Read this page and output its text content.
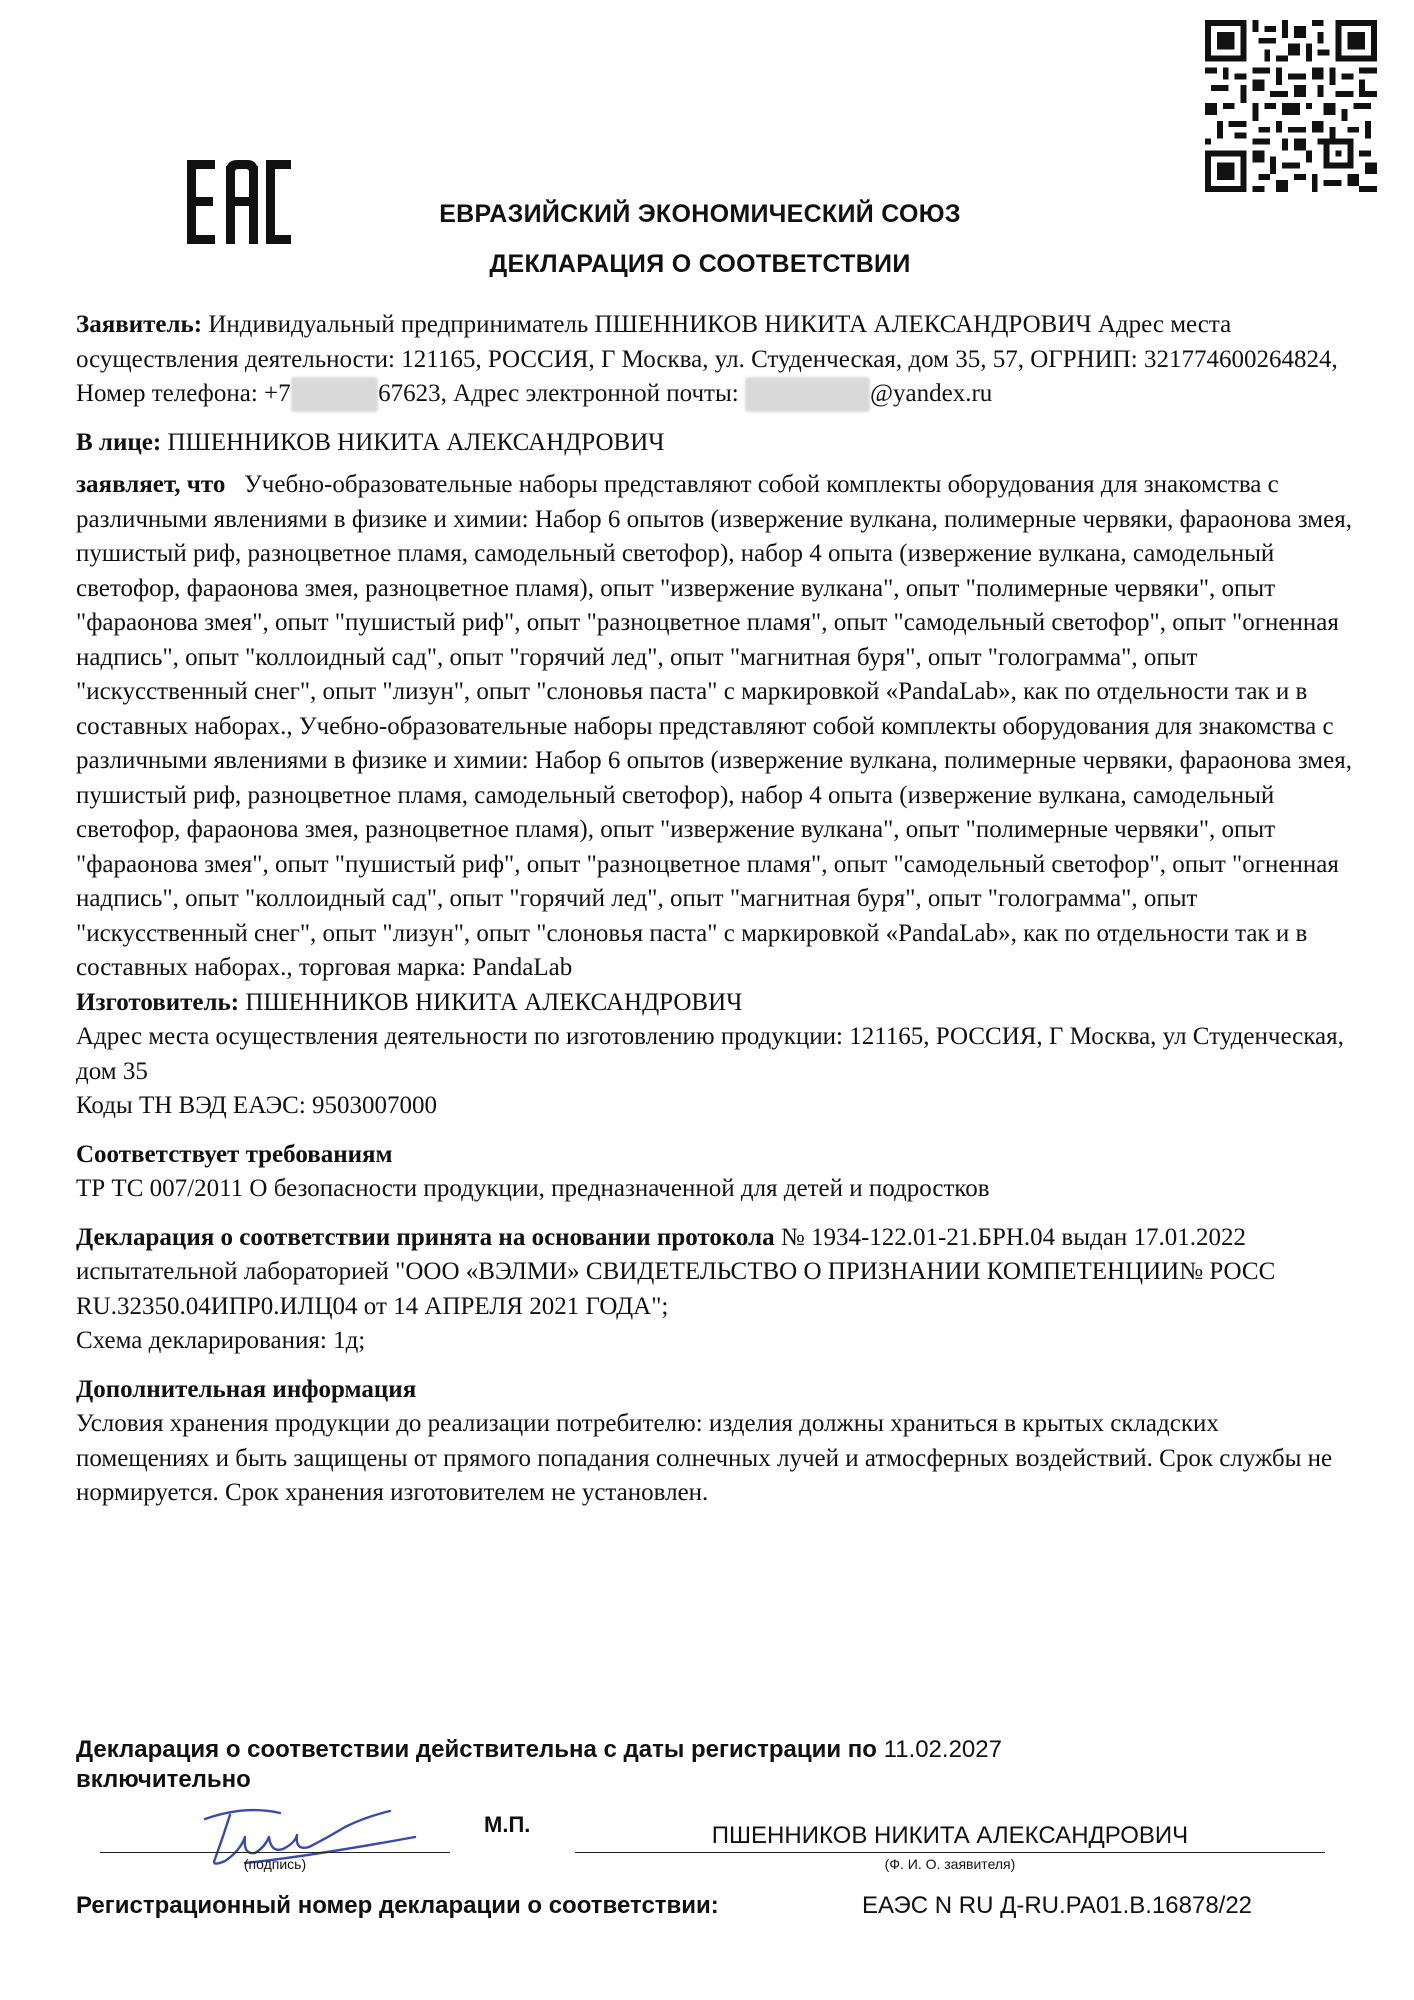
ЕВРАЗИЙСКИЙ ЭКОНОМИЧЕСКИЙ СОЮЗ
ДЕКЛАРАЦИЯ О СООТВЕТСТВИИ

Заявитель: Индивидуальный предприниматель ПШЕННИКОВ НИКИТА АЛЕКСАНДРОВИЧ Адрес места осуществления деятельности: 121165, РОССИЯ, Г Москва, ул. Студенческая, дом 35, 57, ОГРНИП: 321774600264824, Номер телефона: +7	67623, Адрес электронной почты:	@yandex.ru

В лице: ПШЕННИКОВ НИКИТА АЛЕКСАНДРОВИЧ

заявляет, что Учебно-образовательные наборы представляют собой комплекты оборудования для знакомства с различными явлениями в физике и химии: Набор 6 опытов (извержение вулкана, полимерные червяки, фараонова змея, пушистый риф, разноцветное пламя, самодельный светофор), набор 4 опыта (извержение вулкана, самодельный светофор, фараонова змея, разноцветное пламя), опыт "извержение вулкана", опыт "полимерные червяки", опыт "фараонова змея", опыт "пушистый риф", опыт "разноцветное пламя", опыт "самодельный светофор", опыт "огненная надпись", опыт "коллоидный сад", опыт "горячий лед", опыт "магнитная буря", опыт "голограмма", опыт "искусственный снег", опыт "лизун", опыт "слоновья паста" с маркировкой «PandaLab», как по отдельности так и в составных наборах., Учебно-образовательные наборы представляют собой комплекты оборудования для знакомства с различными явлениями в физике и химии: Набор 6 опытов (извержение вулкана, полимерные червяки, фараонова змея, пушистый риф, разноцветное пламя, самодельный светофор), набор 4 опыта (извержение вулкана, самодельный светофор, фараонова змея, разноцветное пламя), опыт "извержение вулкана", опыт "полимерные червяки", опыт "фараонова змея", опыт "пушистый риф", опыт "разноцветное пламя", опыт "самодельный светофор", опыт "огненная надпись", опыт "коллоидный сад", опыт "горячий лед", опыт "магнитная буря", опыт "голограмма", опыт "искусственный снег", опыт "лизун", опыт "слоновья паста" с маркировкой «PandaLab», как по отдельности так и в составных наборах., торговая марка: PandaLab

Изготовитель: ПШЕННИКОВ НИКИТА АЛЕКСАНДРОВИЧ

Адрес места осуществления деятельности по изготовлению продукции: 121165, РОССИЯ, Г Москва, ул Студенческая, дом 35

Коды ТН ВЭД ЕАЭС: 9503007000

Соответствует требованиям

ТР ТС 007/2011 О безопасности продукции, предназначенной для детей и подростков

Декларация о соответствии принята на основании протокола № 1934-122.01-21.БРН.04 выдан 17.01.2022 испытательной лабораторией "ООО «ВЭЛМИ» СВИДЕТЕЛЬСТВО О ПРИЗНАНИИ КОМПЕТЕНЦИИ№ РОСС RU.32350.04ИПР0.ИЛЦ04 от 14 АПРЕЛЯ 2021 ГОДА";

Схема декларирования: 1д;

Дополнительная информация

Условия хранения продукции до реализации потребителю: изделия должны храниться в крытых складских помещениях и быть защищены от прямого попадания солнечных лучей и атмосферных воздействий. Срок службы не нормируется. Срок хранения изготовителем не установлен.

Декларация о соответствии действительна с даты регистрации по 11.02.2027
включительно
(подпись)
М.П.	ПШЕННИКОВ НИКИТА АЛЕКСАНДРОВИЧ
(Ф. И. О. заявителя)
Регистрационный номер декларации о соответствии:	ЕАЭС N RU Д-RU.PA01.B.16878/22
